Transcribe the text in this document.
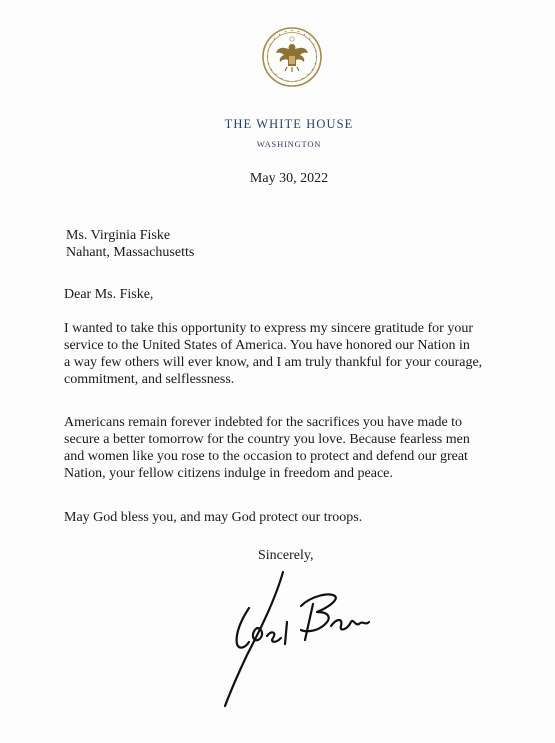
THE WHITE HOUSE
WASHINGTON
May 30, 2022
Ms. Virginia Fiske
Nahant, Massachusetts
Dear Ms. Fiske,
I wanted to take this opportunity to express my sincere gratitude for your
service to the United States of America. You have honored our Nation in
a way few others will ever know, and I am truly thankful for your courage,
commitment, and selflessness.
Americans remain forever indebted for the sacrifices you have made to
secure a better tomorrow for the country you love. Because fearless men
and women like you rose to the occasion to protect and defend our great
Nation, your fellow citizens indulge in freedom and peace.
May God bless you, and may God protect our troops.
Sincerely,
